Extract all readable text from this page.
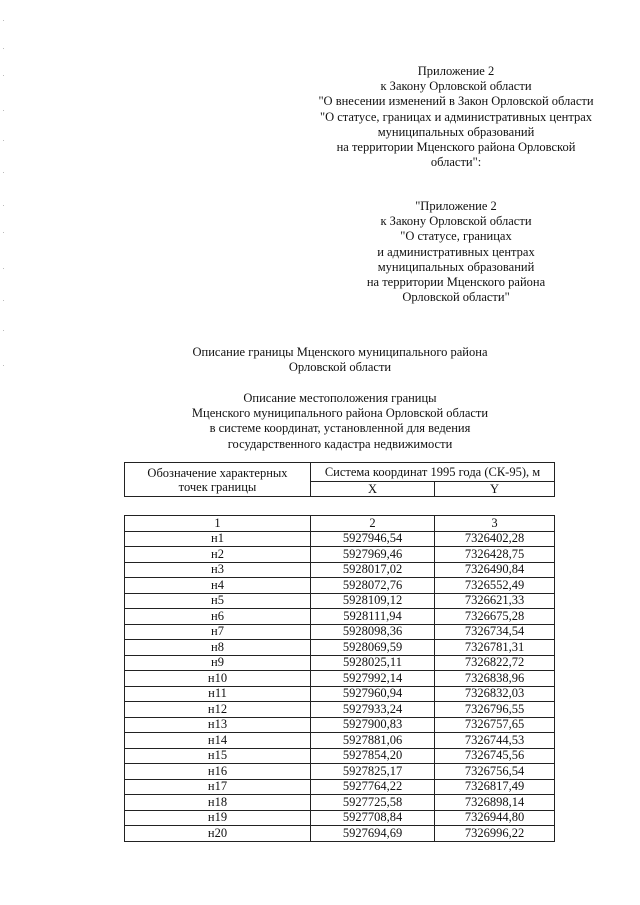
Приложение 2
к Закону Орловской области
"О внесении изменений в Закон Орловской области
"О статусе, границах и административных центрах
муниципальных образований
на территории Мценского района Орловской
области":
"Приложение 2
к Закону Орловской области
"О статусе, границах
и административных центрах
муниципальных образований
на территории Мценского района
Орловской области"
Описание границы Мценского муниципального района
Орловской области
Описание местоположения границы
Мценского муниципального района Орловской области
в системе координат, установленной для ведения
государственного кадастра недвижимости
Обозначение характерных точек границы	Система координат 1995 года (СК-95), м	
	X	Y
1	2	3
н1	5927946,54	7326402,28
н2	5927969,46	7326428,75
н3	5928017,02	7326490,84
н4	5928072,76	7326552,49
н5	5928109,12	7326621,33
н6	5928111,94	7326675,28
н7	5928098,36	7326734,54
н8	5928069,59	7326781,31
н9	5928025,11	7326822,72
н10	5927992,14	7326838,96
н11	5927960,94	7326832,03
н12	5927933,24	7326796,55
н13	5927900,83	7326757,65
н14	5927881,06	7326744,53
н15	5927854,20	7326745,56
н16	5927825,17	7326756,54
н17	5927764,22	7326817,49
н18	5927725,58	7326898,14
н19	5927708,84	7326944,80
н20	5927694,69	7326996,22
